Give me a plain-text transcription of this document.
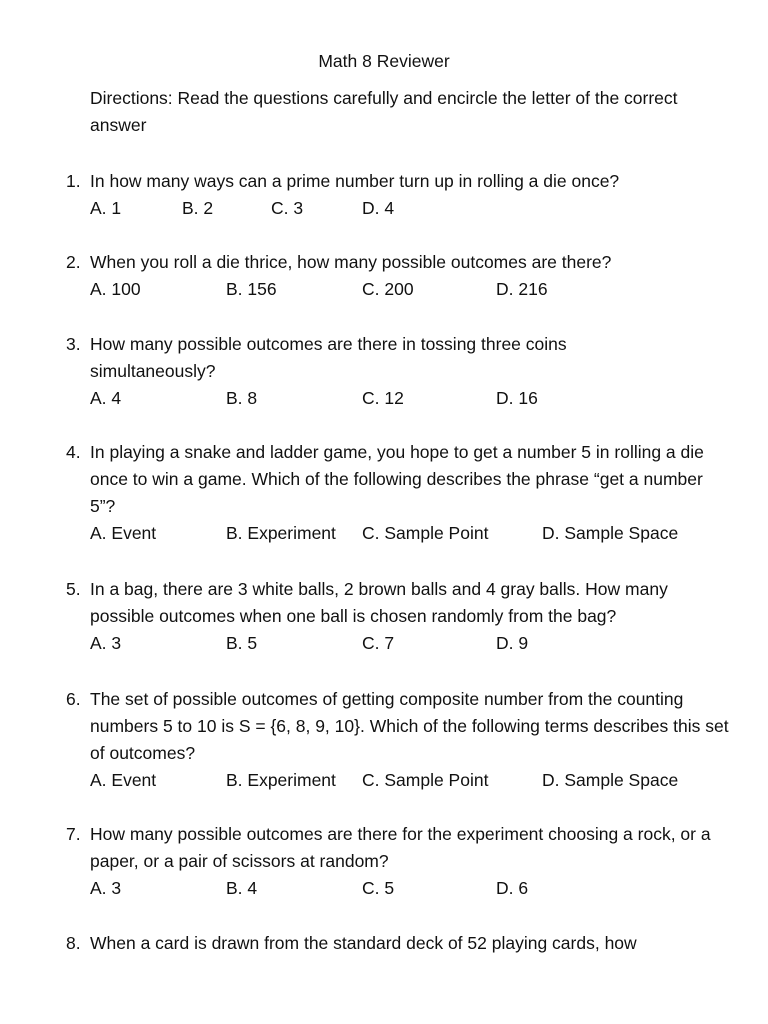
Math 8 Reviewer
Directions: Read the questions carefully and encircle the letter of the correct answer
1. In how many ways can a prime number turn up in rolling a die once?
A. 1	B. 2	C. 3	D. 4
2. When you roll a die thrice, how many possible outcomes are there?
A. 100	B. 156	C. 200	D. 216
3. How many possible outcomes are there in tossing three coins simultaneously?
A. 4	B. 8	C. 12	D. 16
4. In playing a snake and ladder game, you hope to get a number 5 in rolling a die once to win a game. Which of the following describes the phrase “get a number 5”?
A. Event	B. Experiment C. Sample Point	D. Sample Space
5. In a bag, there are 3 white balls, 2 brown balls and 4 gray balls. How many possible outcomes when one ball is chosen randomly from the bag?
A. 3	B. 5	C. 7	D. 9
6. The set of possible outcomes of getting composite number from the counting numbers 5 to 10 is S = {6, 8, 9, 10}. Which of the following terms describes this set of outcomes?
A. Event	B. Experiment C. Sample Point	D. Sample Space
7. How many possible outcomes are there for the experiment choosing a rock, or a paper, or a pair of scissors at random?
A. 3	B. 4	C. 5	D. 6
8. When a card is drawn from the standard deck of 52 playing cards, how
